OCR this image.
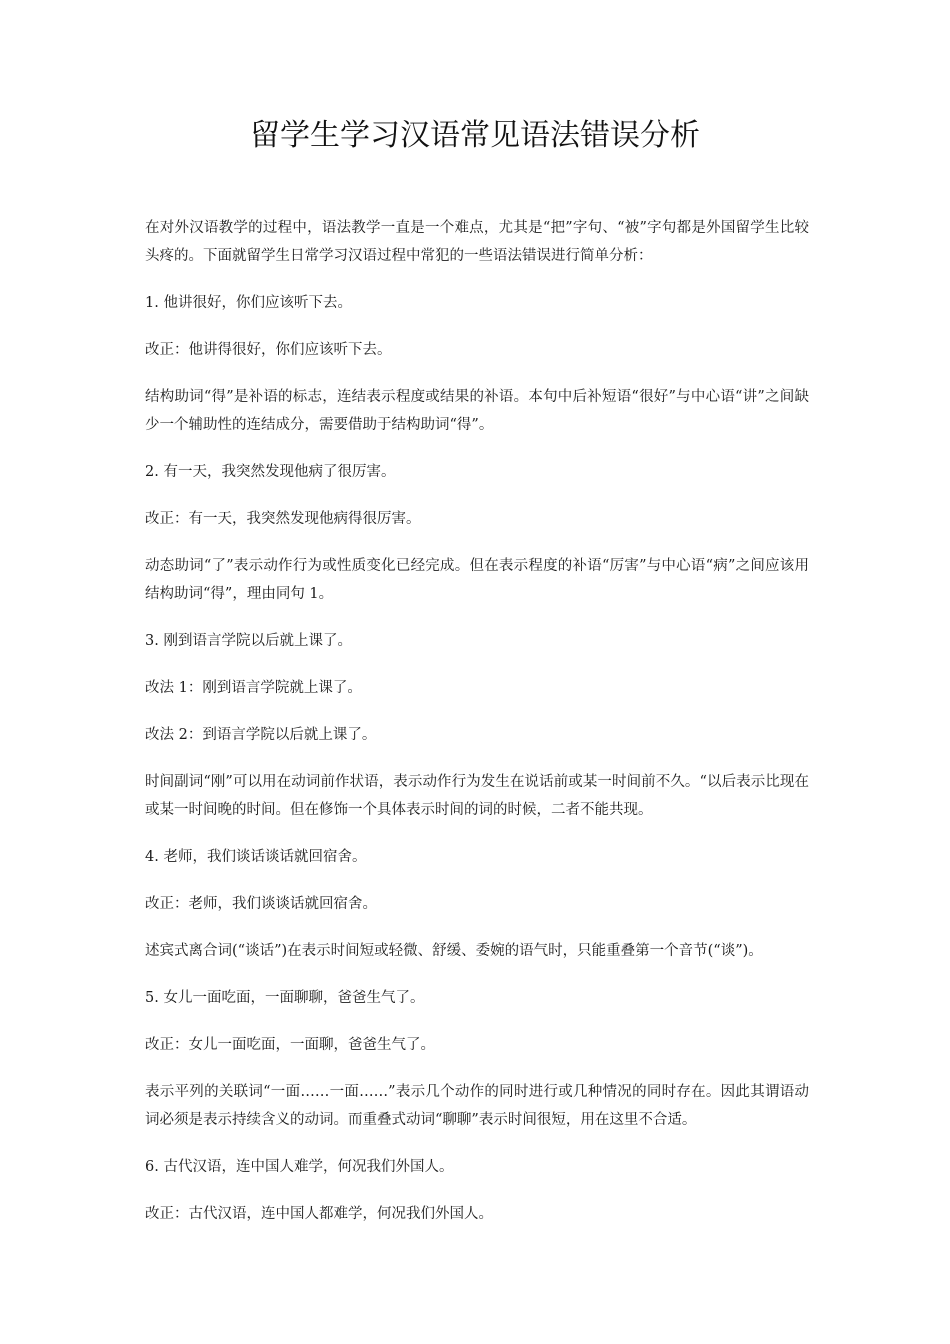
留学生学习汉语常见语法错误分析

在对外汉语教学的过程中，语法教学一直是一个难点，尤其是“把”字句、“被”字句都是外国留学生比较头疼的。下面就留学生日常学习汉语过程中常犯的一些语法错误进行简单分析：

1. 他讲很好，你们应该听下去。

改正：他讲得很好，你们应该听下去。

结构助词“得”是补语的标志，连结表示程度或结果的补语。本句中后补短语“很好”与中心语“讲”之间缺少一个辅助性的连结成分，需要借助于结构助词“得”。

2. 有一天，我突然发现他病了很厉害。

改正：有一天，我突然发现他病得很厉害。

动态助词“了”表示动作行为或性质变化已经完成。但在表示程度的补语“厉害”与中心语“病”之间应该用结构助词“得”，理由同句 1。

3. 刚到语言学院以后就上课了。

改法 1：刚到语言学院就上课了。

改法 2：到语言学院以后就上课了。

时间副词“刚”可以用在动词前作状语，表示动作行为发生在说话前或某一时间前不久。“以后表示比现在或某一时间晚的时间。但在修饰一个具体表示时间的词的时候，二者不能共现。

4. 老师，我们谈话谈话就回宿舍。

改正：老师，我们谈谈话就回宿舍。

述宾式离合词(“谈话”)在表示时间短或轻微、舒缓、委婉的语气时，只能重叠第一个音节(“谈”)。

5. 女儿一面吃面，一面聊聊，爸爸生气了。

改正：女儿一面吃面，一面聊，爸爸生气了。

表示平列的关联词“一面……一面……”表示几个动作的同时进行或几种情况的同时存在。因此其谓语动词必须是表示持续含义的动词。而重叠式动词“聊聊”表示时间很短，用在这里不合适。

6. 古代汉语，连中国人难学，何况我们外国人。

改正：古代汉语，连中国人都难学，何况我们外国人。
